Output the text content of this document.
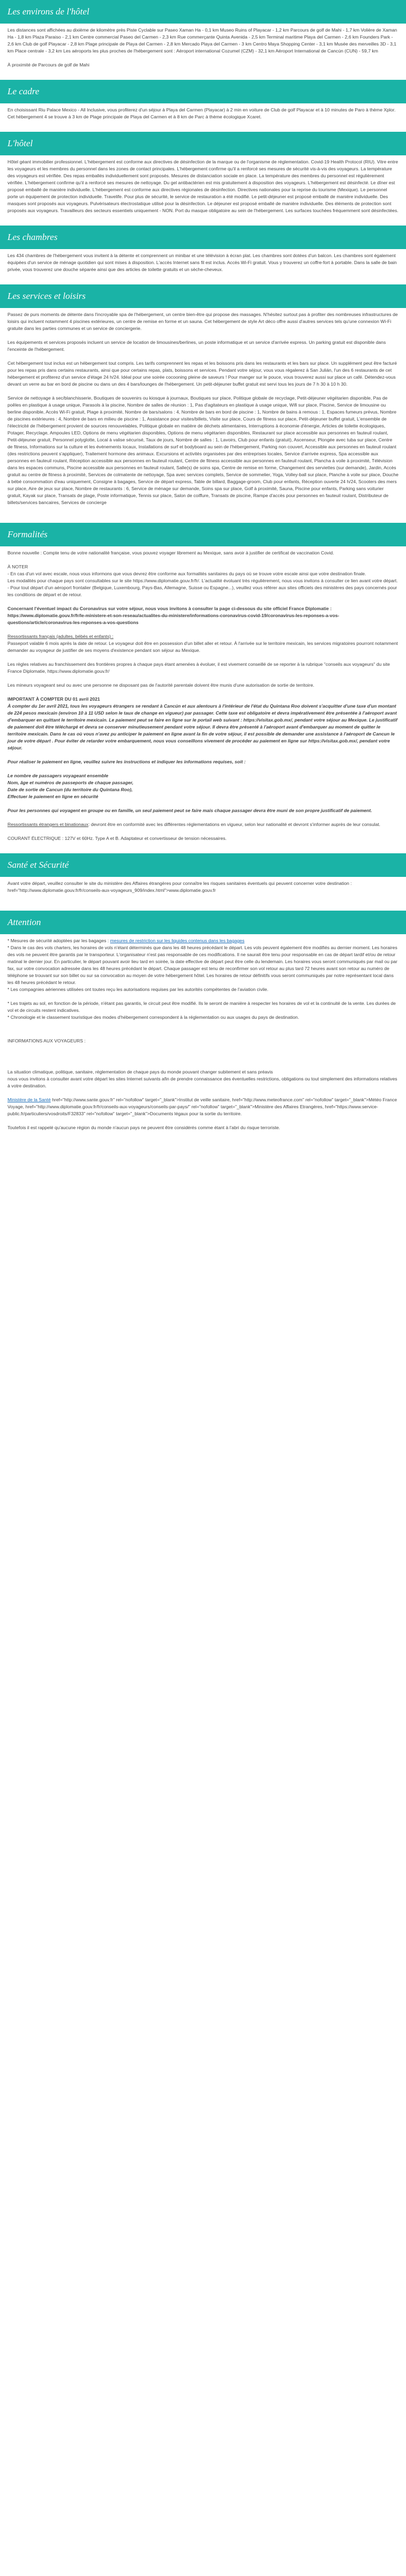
Les environs de l'hôtel

Les distances sont affichées au dixième de kilomètre près Piste Cyclable sur Paseo Xaman Ha - 0,1 km Museo Ruins of Playacar - 1,2 km Parcours de golf de Mahi - 1,7 km Volière de Xaman Ha - 1,8 km Plaza Paraiso - 2,1 km Centre commercial Paseo del Carmen - 2,3 km Rue commerçante Quinta Avenida - 2,5 km Terminal maritime Playa del Carmen - 2,6 km Founders Park - 2,6 km Club de golf Playacar - 2,8 km Plage principale de Playa del Carmen - 2,8 km Mercado Playa del Carmen - 3 km Centro Maya Shopping Center - 3,1 km Musée des merveilles 3D - 3,1 km Place centrale - 3,2 km Les aéroports les plus proches de l'hébergement sont : Aéroport international Cozumel (CZM) - 32,1 km Aéroport International de Cancún (CUN) - 59,7 km

À proximité de Parcours de golf de Mahi

Le cadre

En choisissant Riu Palace Mexico - All Inclusive, vous profiterez d'un séjour à Playa del Carmen (Playacar) à 2 min en voiture de Club de golf Playacar et à 10 minutes de Paro à thème Xplor. Cet hébergement 4 se trouve à 3 km de Plage principale de Playa del Carmen et à 8 km de Parc à thème écologique Xcaret.

L'hôtel

Hôtel géant immobilier professionnel. L'hébergement est conforme aux directives de désinfection de la marque ou de l'organisme de réglementation. Covid-19 Health Protocol (RIU). Vitre entre les voyageurs et les membres du personnel dans les zones de contact principales. L'hébergement confirme qu'il a renforcé ses mesures de sécurité vis-à-vis des voyageurs. La température des voyageurs est vérifiée. Des repas emballés individuellement sont proposés. Mesures de distanciation sociale en place. La température des membres du personnel est régulièrement vérifiée. L'hébergement confirme qu'il a renforcé ses mesures de nettoyage. Du gel antibactérien est mis gratuitement à disposition des voyageurs. L'hébergement est désinfecté. Le dîner est proposé emballé de manière individuelle. L'hébergement est conforme aux directives régionales de désinfection. Directives nationales pour la reprise du tourisme (Mexique). Le personnel porte un équipement de protection individuelle. Travelife. Pour plus de sécurité, le service de restauration a été modifié. Le petit-déjeuner est proposé emballé de manière individuelle. Des masques sont proposés aux voyageurs. Pulvérisateurs électrostatique utilisé pour la désinfection. Le déjeuner est proposé emballé de manière individuelle. Des éléments de protection sont proposés aux voyageurs. Travailleurs des secteurs essentiels uniquement - NON. Port du masque obligatoire au sein de l'hébergement. Les surfaces touchées fréquemment sont désinfectées.

Les chambres

Les 434 chambres de l'hébergement vous invitent à la détente et comprennent un minibar et une télévision à écran plat. Les chambres sont dotées d'un balcon. Les chambres sont également équipées d'un service de ménage quotidien qui sont mises à disposition. L'accès Internet sans fil est inclus. Accès Wi-Fi gratuit. Vous y trouverez un coffre-fort à portable. Dans la salle de bain privée, vous trouverez une douche séparée ainsi que des articles de toilette gratuits et un sèche-cheveux.

Les services et loisirs

Passez de purs moments de détente dans l'incroyable spa de l'hébergement, un centre bien-être qui propose des massages. N'hésitez surtout pas à profiter des nombreuses infrastructures de loisirs qui incluent notamment 4 piscines extérieures, un centre de remise en forme et un sauna. Cet hébergement de style Art déco offre aussi d'autres services tels qu'une connexion Wi-Fi gratuite dans les parties communes et un service de conciergerie.

Les équipements et services proposés incluent un service de location de limousines/berlines, un poste informatique et un service d'arrivée express. Un parking gratuit est disponible dans l'enceinte de l'hébergement.

Cet hébergement tout inclus est un hébergement tout compris. Les tarifs comprennent les repas et les boissons pris dans les restaurants et les bars sur place. Un supplément peut être facturé pour les repas pris dans certains restaurants, ainsi que pour certains repas, plats, boissons et services. Pendant votre séjour, vous vous régalerez à San Julián, l'un des 6 restaurants de cet hébergement et profiterez d'un service d'étage 24 h/24. Idéal pour une soirée cocooning pleine de saveurs ! Pour manger sur le pouce, vous trouverez aussi sur place un café. Détendez-vous devant un verre au bar en bord de piscine ou dans un des 4 bars/lounges de l'hébergement. Un petit-déjeuner buffet gratuit est servi tous les jours de 7 h 30 à 10 h 30.

Service de nettoyage à sec/blanchisserie, Boutiques de souvenirs ou kiosque à journaux, Boutiques sur place, Politique globale de recyclage, Petit-déjeuner végétarien disponible, Pas de poêles en plastique à usage unique, Parasols à la piscine, Nombre de salles de réunion : 1, Pas d'agitateurs en plastique à usage unique, Wifi sur place, Piscine, Service de limousine ou berline disponible, Accès Wi-Fi gratuit, Plage à proximité, Nombre de bars/salons : 4, Nombre de bars en bord de piscine : 1, Nombre de bains à remous : 1, Espaces fumeurs prévus, Nombre de piscines extérieures : 4, Nombre de bars en milieu de piscine : 1, Assistance pour visites/billets, Visite sur place, Cours de fitness sur place, Petit-déjeuner buffet gratuit, L'ensemble de l'électricité de l'hébergement provient de sources renouvelables, Politique globale en matière de déchets alimentaires, Interruptions à économie d'énergie, Articles de toilette écologiques, Potager, Recyclage, Ampoules LED, Options de menu végétarien disponibles, Options de menu végétarien disponibles, Restaurant sur place accessible aux personnes en fauteuil roulant, Petit-déjeuner gratuit, Personnel polyglotte, Local à valise sécurisé, Taux de jours, Nombre de salles : 1, Lavoirs, Club pour enfants (gratuit), Ascenseur, Plongée avec tuba sur place, Centre de fitness, Informations sur la culture et les événements locaux, Installations de surf et bodyboard au sein de l'hébergement, Parking non couvert, Accessible aux personnes en fauteuil roulant (des restrictions peuvent s'appliquer), Traitement hormone des animaux. Excursions et activités organisées par des entreprises locales, Service d'arrivée express, Spa accessible aux personnes en fauteuil roulant, Réception accessible aux personnes en fauteuil roulant, Centre de fitness accessible aux personnes en fauteuil roulant, Plancha à voile à proximité, Télévision dans les espaces communs, Piscine accessible aux personnes en fauteuil roulant, Salle(s) de soins spa, Centre de remise en forme, Changement des serviettes (sur demande), Jardin, Accès gratuit au centre de fitness à proximité, Services de colmatente de nettoyage, Spa avec services complets, Service de sommelier, Yoga, Volley-ball sur place, Planche à voile sur place, Douche à bébé consommation d'eau uniquement, Consigne à bagages, Service de départ express, Table de billard, Baggage-groom, Club pour enfants, Réception ouverte 24 h/24, Scooters des mers sur place, Aire de jeux sur place, Nombre de restaurants : 6, Service de ménage sur demande, Soins spa sur place, Golf à proximité, Sauna, Piscine pour enfants, Parking sans voiturier gratuit, Kayak sur place, Transats de plage, Poste informatique, Tennis sur place, Salon de coiffure, Transats de piscine, Rampe d'accès pour personnes en fauteuil roulant, Distributeur de billets/services bancaires, Services de concierge

Formalités

Bonne nouvelle : Compte tenu de votre nationalité française, vous pouvez voyager librement au Mexique, sans avoir à justifier de certificat de vaccination Covid.

À NOTER

- En cas d'un vol avec escale, nous vous informons que vous devrez être conforme aux formalités sanitaires du pays où se trouve votre escale ainsi que votre destination finale.

Les modalités pour chaque pays sont consultables sur le site https://www.diplomatie.gouv.fr/fr/. L'actualité évoluant très régulièrement, nous vous invitons à consulter ce lien avant votre départ.

- Pour tout départ d'un aéroport frontalier (Belgique, Luxembourg, Pays-Bas, Allemagne, Suisse ou Espagne...), veuillez vous référer aux sites officiels des ministères des pays concernés pour les conditions de départ et de retour.

Concernant l'éventuel impact du Coronavirus sur votre séjour, nous vous invitons à consulter la page ci-dessous du site officiel France Diplomatie : https://www.diplomatie.gouv.fr/fr/le-ministere-et-son-reseau/actualites-du-ministere/informations-coronavirus-covid-19/coronavirus-les-reponses-a-vos-questions/article/coronavirus-les-reponses-a-vos-questions

Ressortissants français (adultes, bébés et enfants) :

Passeport valable 6 mois après la date de retour. Le voyageur doit être en possession d'un billet aller et retour. À l'arrivée sur le territoire mexicain, les services migratoires pourront notamment demander au voyageur de justifier de ses moyens d'existence pendant son séjour au Mexique.

Les règles relatives au franchissement des frontières propres à chaque pays étant amenées à évoluer, il est vivement conseillé de se reporter à la rubrique "conseils aux voyageurs" du site France Diplomatie, https://www.diplomatie.gouv.fr/

Les mineurs voyageant seul ou avec une personne ne disposant pas de l'autorité parentale doivent être munis d'une autorisation de sortie de territoire.

IMPORTANT À COMPTER DU 01 avril 2021

À compter du 1er avril 2021, tous les voyageurs étrangers se rendant à Cancún et aux alentours à l'intérieur de l'état du Quintana Roo doivent s'acquitter d'une taxe d'un montant de 224 pesos mexicain (environ 10 à 11 USD selon le taux de change en vigueur) par passager. Cette taxe est obligatoire et devra impérativement être présentée à l'aéroport avant d'embarquer en quittant le territoire mexicain. Le paiement peut se faire en ligne sur le portail web suivant : https://visitax.gob.mx/, pendant votre séjour au Mexique. Le justificatif de paiement doit être téléchargé et devra se conserver minutieusement pendant votre séjour. Il devra être présenté à l'aéroport avant d'embarquer au moment de quitter le territoire mexicain. Dans le cas où vous n'avez pu anticiper le paiement en ligne avant la fin de votre séjour, il est possible de demander une assistance à l'aéroport de Cancun le jour de votre départ . Pour éviter de retarder votre embarquement, nous vous conseillons vivement de procéder au paiement en ligne sur https://visitax.gob.mx/, pendant votre séjour.

Pour réaliser le paiement en ligne, veuillez suivre les instructions et indiquer les informations requises, soit :

Le nombre de passagers voyageant ensemble
Nom, âge et numéros de passeports de chaque passager,
Date de sortie de Cancun (du territoire du Quintana Roo),
Effectuer le paiement en ligne en sécurité

Pour les personnes qui voyagent en groupe ou en famille, un seul paiement peut se faire mais chaque passager devra être muni de son propre justificatif de paiement.

Ressortissants étrangers et binationaux: devront être en conformité avec les différentes réglementations en vigueur, selon leur nationalité et devront s'informer auprès de leur consulat.

COURANT ÉLECTRIQUE : 127V et 60Hz. Type A et B. Adaptateur et convertisseur de tension nécessaires.

Santé et Sécurité

Avant votre départ, veuillez consulter le site du ministère des Affaires étrangères pour connaître les risques sanitaires éventuels qui peuvent concerner votre destination : href="http://www.diplomatie.gouv.fr/fr/conseils-aux-voyageurs_909/index.html">www.diplomatie.gouv.fr

Attention

* Mesures de sécurité adoptées par les bagages : mesures de restriction sur les liquides contenus dans les bagages

* Dans le cas des vols charters, les horaires de vols n'étant déterminés que dans les 48 heures précédant le départ. Les vols peuvent également être modifiés au dernier moment. Les horaires des vols ne peuvent être garantis par le transporteur. L'organisateur n'est pas responsable de ces modifications. Il ne saurait être tenu pour responsable en cas de départ tardif et/ou de retour matinal le dernier jour. En particulier, le départ pouvant avoir lieu tard en soirée, la date effective de départ peut être celle du lendemain. Les horaires vous seront communiqués par mail ou par fax, sur votre convocation adressée dans les 48 heures précédant le départ. Chaque passager est tenu de reconfirmer son vol retour au plus tard 72 heures avant son retour au numéro de téléphone se trouvant sur son billet ou sur sa convocation au moyen de votre hébergement hôtel. Les horaires de retour définitifs vous seront communiqués par notre représentant local dans les 48 heures précédant le retour.

* Les compagnies aériennes utilisées ont toutes reçu les autorisations requises par les autorités compétentes de l'aviation civile.

* Les trajets au sol, en fonction de la période, n'étant pas garantis, le circuit peut être modifié. Ils le seront de manière à respecter les horaires de vol et la continuité de la vente. Les durées de vol et de circuits restent indicatives.

* Chronologie et le classement touristique des modes d'hébergement correspondent à la réglementation ou aux usages du pays de destination.

INFORMATIONS AUX VOYAGEURS :

La situation climatique, politique, sanitaire, réglementation de chaque pays du monde pouvant changer subitement et sans préavis

nous vous invitons à consulter avant votre départ les sites Internet suivants afin de prendre connaissance des éventuelles restrictions, obligations ou tout simplement des informations relatives à votre destination.

Ministère de la Santé href="http://www.sante.gouv.fr" rel="nofollow" target="_blank">Institut de veille sanitaire, href="http://www.meteofrance.com" rel="nofollow" target="_blank">Météo France Voyage, href="http://www.diplomatie.gouv.fr/fr/conseils-aux-voyageurs/conseils-par-pays/" rel="nofollow" target="_blank">Ministère des Affaires Etrangères, href="https://www.service-public.fr/particuliers/vosdroits/F32833" rel="nofollow" target="_blank">Documents légaux pour la sortie du territoire.

Toutefois il est rappelé qu'aucune région du monde n'aucun pays ne peuvent être considérés comme étant à l'abri du risque terroriste.
